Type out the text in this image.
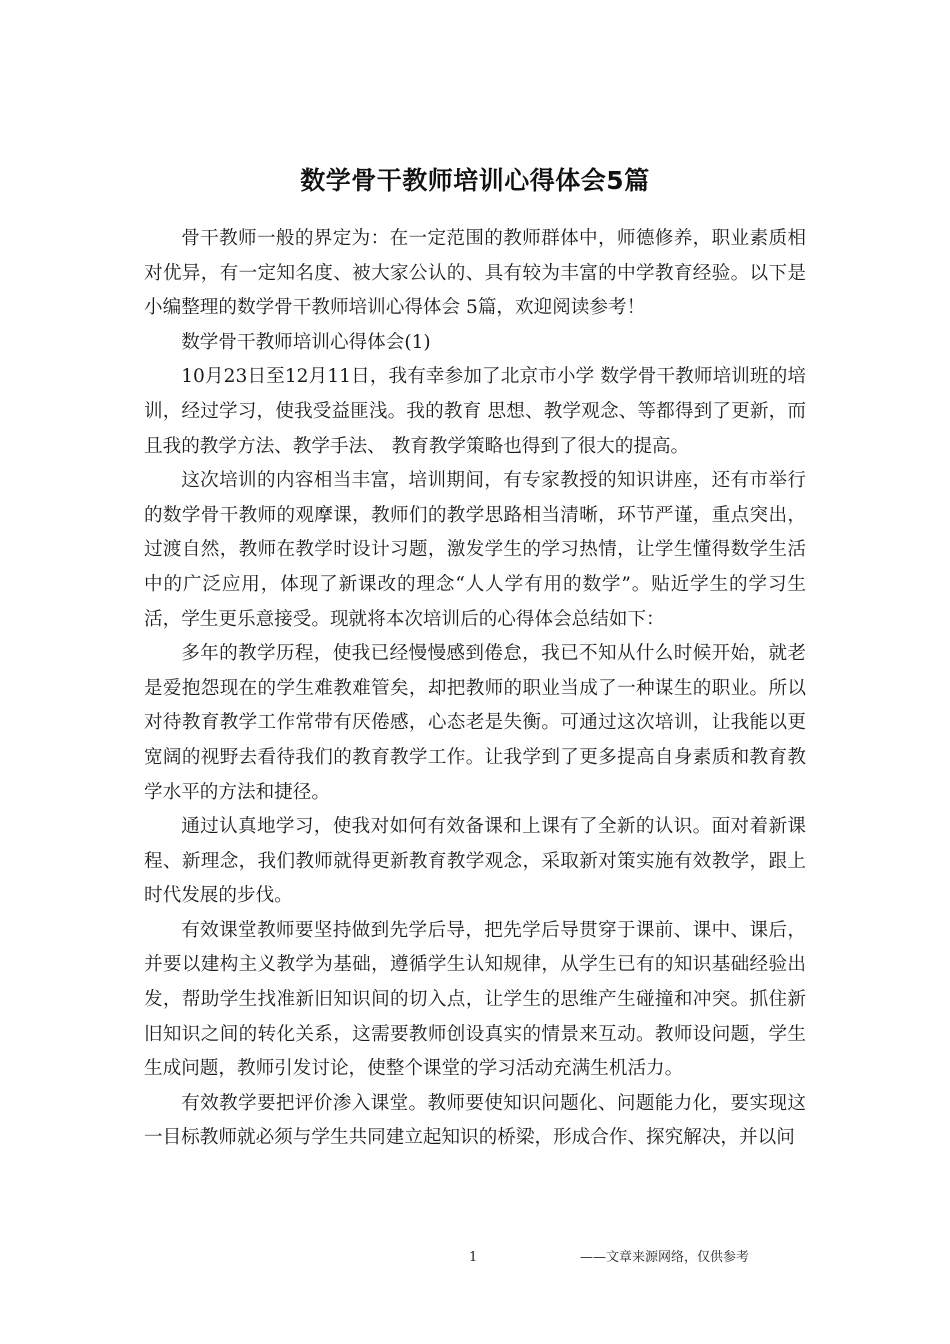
数学骨干教师培训心得体会5篇

骨干教师一般的界定为：在一定范围的教师群体中，师德修养，职业素质相对优异，有一定知名度、被大家公认的、具有较为丰富的中学教育经验。以下是小编整理的数学骨干教师培训心得体会 5篇，欢迎阅读参考！

数学骨干教师培训心得体会(1)

10月23日至12月11日，我有幸参加了北京市小学 数学骨干教师培训班的培训，经过学习，使我受益匪浅。我的教育 思想、教学观念、等都得到了更新，而且我的教学方法、教学手法、 教育教学策略也得到了很大的提高。

这次培训的内容相当丰富，培训期间，有专家教授的知识讲座，还有市举行的数学骨干教师的观摩课，教师们的教学思路相当清晰，环节严谨，重点突出，过渡自然，教师在教学时设计习题，激发学生的学习热情，让学生懂得数学生活中的广泛应用，体现了新课改的理念“人人学有用的数学”。贴近学生的学习生活，学生更乐意接受。现就将本次培训后的心得体会总结如下：

多年的教学历程，使我已经慢慢感到倦怠，我已不知从什么时候开始，就老是爱抱怨现在的学生难教难管矣，却把教师的职业当成了一种谋生的职业。所以对待教育教学工作常带有厌倦感，心态老是失衡。可通过这次培训，让我能以更宽阔的视野去看待我们的教育教学工作。让我学到了更多提高自身素质和教育教学水平的方法和捷径。

通过认真地学习，使我对如何有效备课和上课有了全新的认识。面对着新课程、新理念，我们教师就得更新教育教学观念，采取新对策实施有效教学，跟上时代发展的步伐。

有效课堂教师要坚持做到先学后导，把先学后导贯穿于课前、课中、课后，并要以建构主义教学为基础，遵循学生认知规律，从学生已有的知识基础经验出发，帮助学生找准新旧知识间的切入点，让学生的思维产生碰撞和冲突。抓住新旧知识之间的转化关系，这需要教师创设真实的情景来互动。教师设问题，学生生成问题，教师引发讨论，使整个课堂的学习活动充满生机活力。

有效教学要把评价渗入课堂。教师要使知识问题化、问题能力化，要实现这一目标教师就必须与学生共同建立起知识的桥梁，形成合作、探究解决，并以问

1	——文章来源网络，仅供参考
